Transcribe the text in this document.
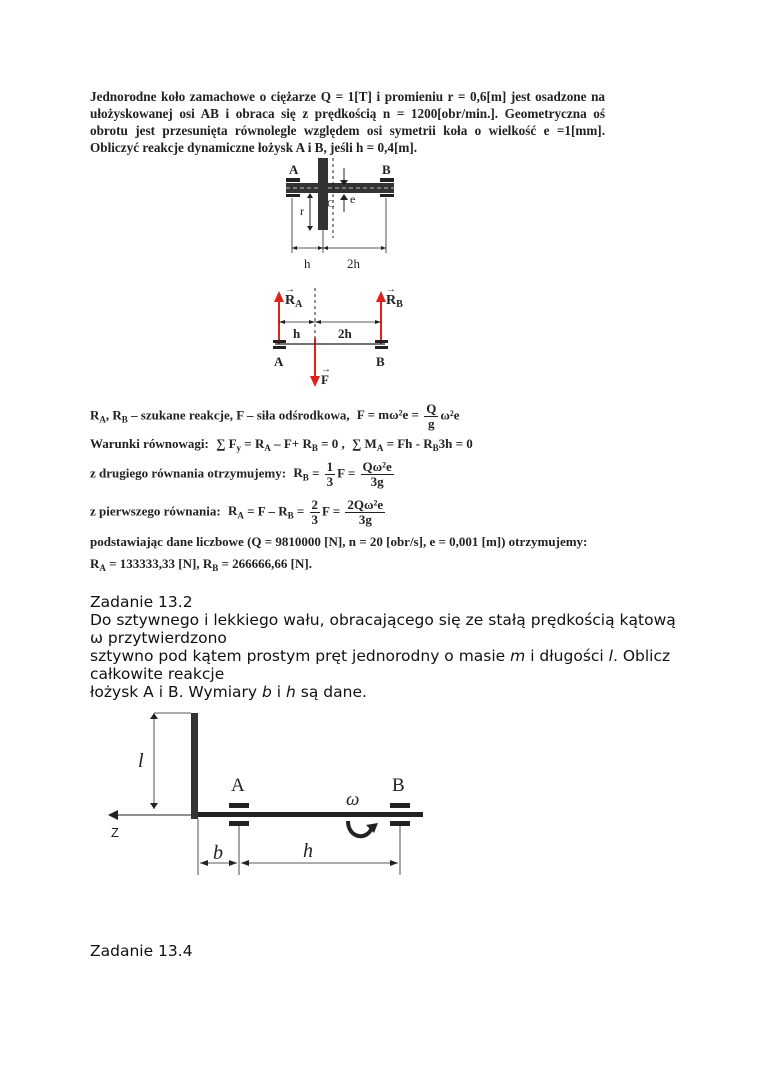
Jednorodne koło zamachowe o ciężarze Q = 1[T] i promieniu r = 0,6[m] jest osadzone na ułożyskowanej osi AB i obraca się z prędkością n = 1200[obr/min.]. Geometryczna oś obrotu jest przesunięta równolegle względem osi symetrii koła o wielkość e =1[mm]. Obliczyć reakcje dynamiczne łożysk A i B, jeśli h = 0,4[m].

A	B
C e
r
h	2h
$R_A$
→
$R_B$
→
h	2h
A	B
F
→
$R_A$, $R_B$ – szukane reakcje, F – siła odśrodkowa, $F = m\omega^2e = \frac{Q}{g} \omega^2e$
Warunki równowagi: ∑ $F_y = R_A - F+ R_B = 0$ , ∑ $M_A = Fh - R_B3h = 0$
z drugiego równania otrzymujemy: $R_B = \frac{1}{3}$ $F = \frac{\text{Qω²e}}{3g}$
z pierwszego równania: $R_A = F - R_B = \frac{2}{3}$ $F = \frac{\text{2Qω²e}}{3g}$
podstawiając dane liczbowe (Q = 9810000 [N], n = 20 [obr/s], e = 0,001 [m]) otrzymujemy:
$R_A = 133333,33$ [N], $R_B = 266666,66$ [N].
Zadanie 13.2
Do sztywnego i lekkiego wału, obracającego się ze stałą prędkością kątową
ω przytwierdzono
sztywno pod kątem prostym pręt jednorodny o masie m i długości l. Oblicz
całkowite reakcje
łożysk A i B. Wymiary b i h są dane.
l
Z
A	B
ω
b	h
Zadanie 13.4
